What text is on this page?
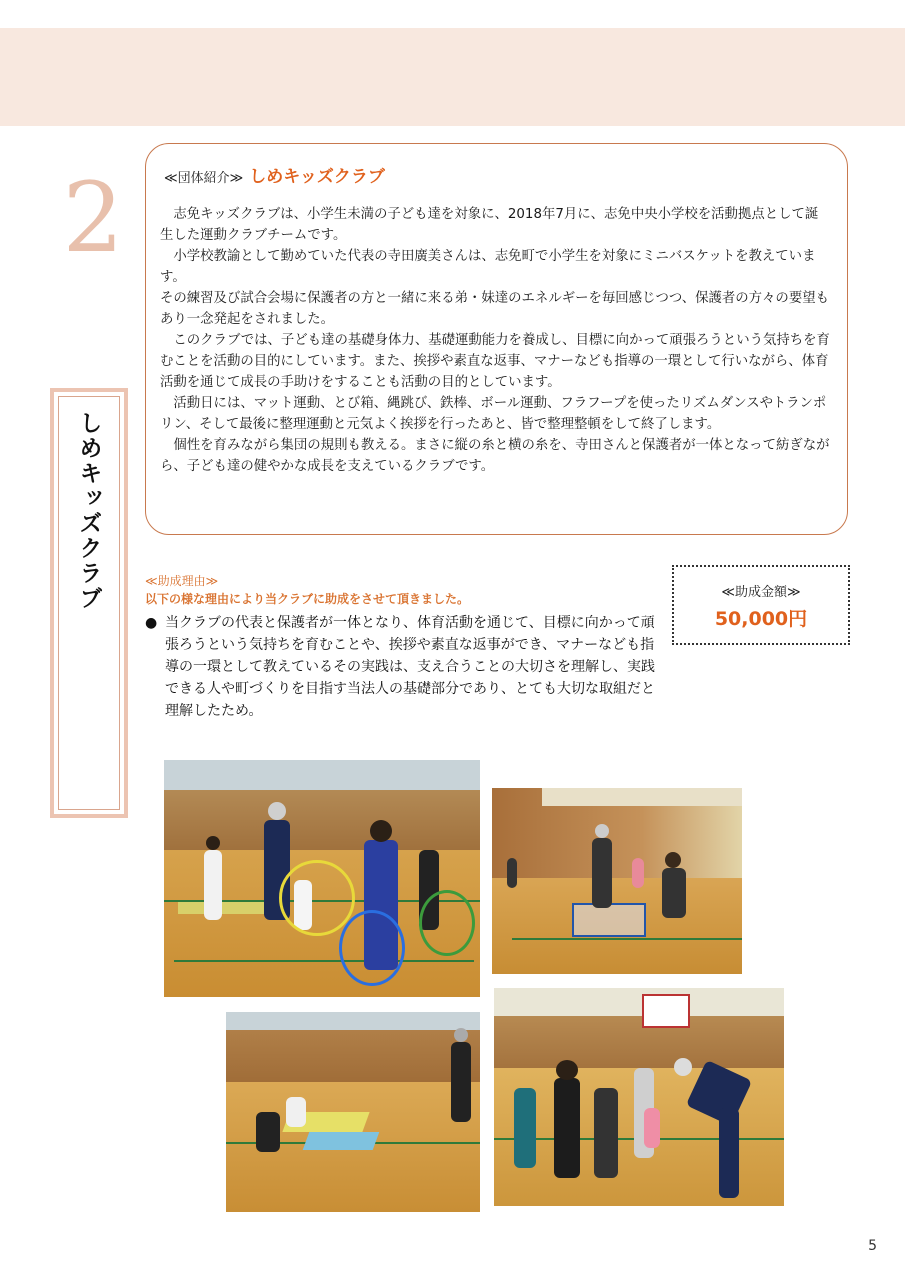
2
しめキッズクラブ
≪団体紹介≫ しめキッズクラブ

志免キッズクラブは、小学生未満の子ども達を対象に、2018年7月に、志免中央小学校を活動拠点として誕生した運動クラブチームです。

小学校教諭として勤めていた代表の寺田廣美さんは、志免町で小学生を対象にミニバスケットを教えています。

その練習及び試合会場に保護者の方と一緒に来る弟・妹達のエネルギーを毎回感じつつ、保護者の方々の要望もあり一念発起をされました。

このクラブでは、子ども達の基礎身体力、基礎運動能力を養成し、目標に向かって頑張ろうという気持ちを育むことを活動の目的にしています。また、挨拶や素直な返事、マナーなども指導の一環として行いながら、体育活動を通じて成長の手助けをすることも活動の目的としています。

活動日には、マット運動、とび箱、縄跳び、鉄棒、ボール運動、フラフープを使ったリズムダンスやトランポリン、そして最後に整理運動と元気よく挨拶を行ったあと、皆で整理整頓をして終了します。

個性を育みながら集団の規則も教える。まさに縦の糸と横の糸を、寺田さんと保護者が一体となって紡ぎながら、子ども達の健やかな成長を支えているクラブです。

≪助成理由≫
以下の様な理由により当クラブに助成をさせて頂きました。
● 当クラブの代表と保護者が一体となり、体育活動を通じて、目標に向かって頑張ろうという気持ちを育むことや、挨拶や素直な返事ができ、マナーなども指導の一環として教えているその実践は、支え合うことの大切さを理解し、実践できる人や町づくりを目指す当法人の基礎部分であり、とても大切な取組だと理解したため。
≪助成金額≫
50,000円
5
